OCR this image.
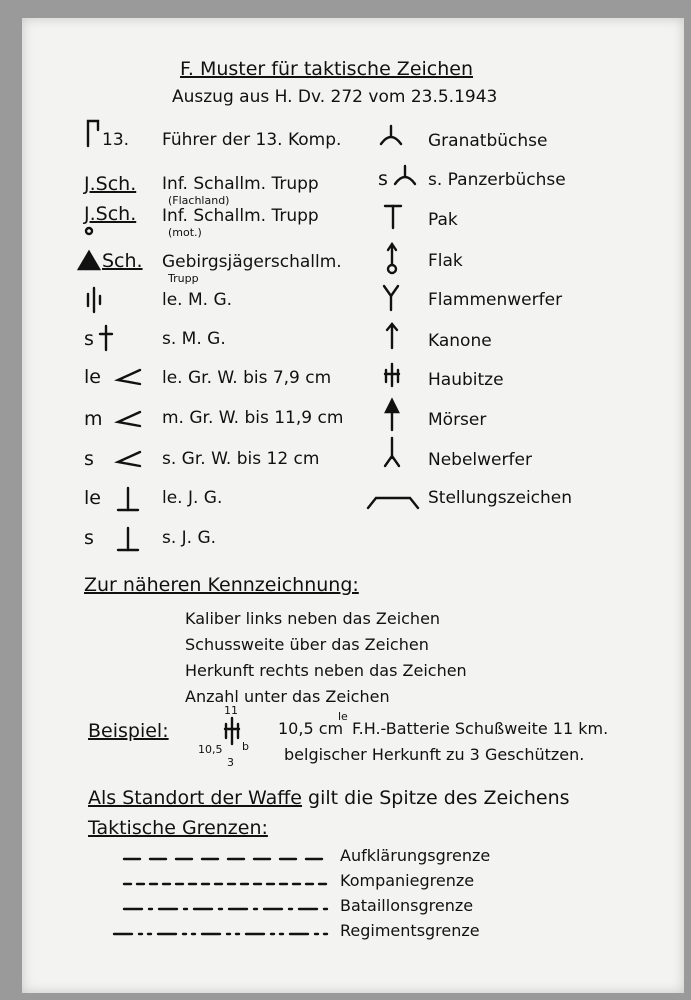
F. Muster für taktische Zeichen
Auszug aus H. Dv. 272 vom 23.5.1943
13. Führer der 13. Komp.
J.Sch. Inf. Schallm. Trupp
(Flachland)
J.Sch. Inf. Schallm. Trupp
(mot.)
Sch. Gebirgsjägerschallm.
Trupp
le. M. G.
s	s. M. G.
le	le. Gr. W. bis 7,9 cm
m	m. Gr. W. bis 11,9 cm
s	s. Gr. W. bis 12 cm
le	le. J. G.
s	s. J. G.
Granatbüchse
s s. Panzerbüchse
Pak
Flak
Flammenwerfer
Kanone
Haubitze
Mörser
Nebelwerfer
Stellungszeichen
Zur näheren Kennzeichnung:
Kaliber links neben das Zeichen
Schussweite über das Zeichen
Herkunft rechts neben das Zeichen
Anzahl unter das Zeichen
Beispiel:
11
10,5 b
3
10,5 cm
le
F.H.-Batterie Schußweite 11 km.
belgischer Herkunft zu 3 Geschützen.
Als Standort der Waffe gilt die Spitze des Zeichens
Taktische Grenzen:
Aufklärungsgrenze
Kompaniegrenze
Bataillonsgrenze
Regimentsgrenze
